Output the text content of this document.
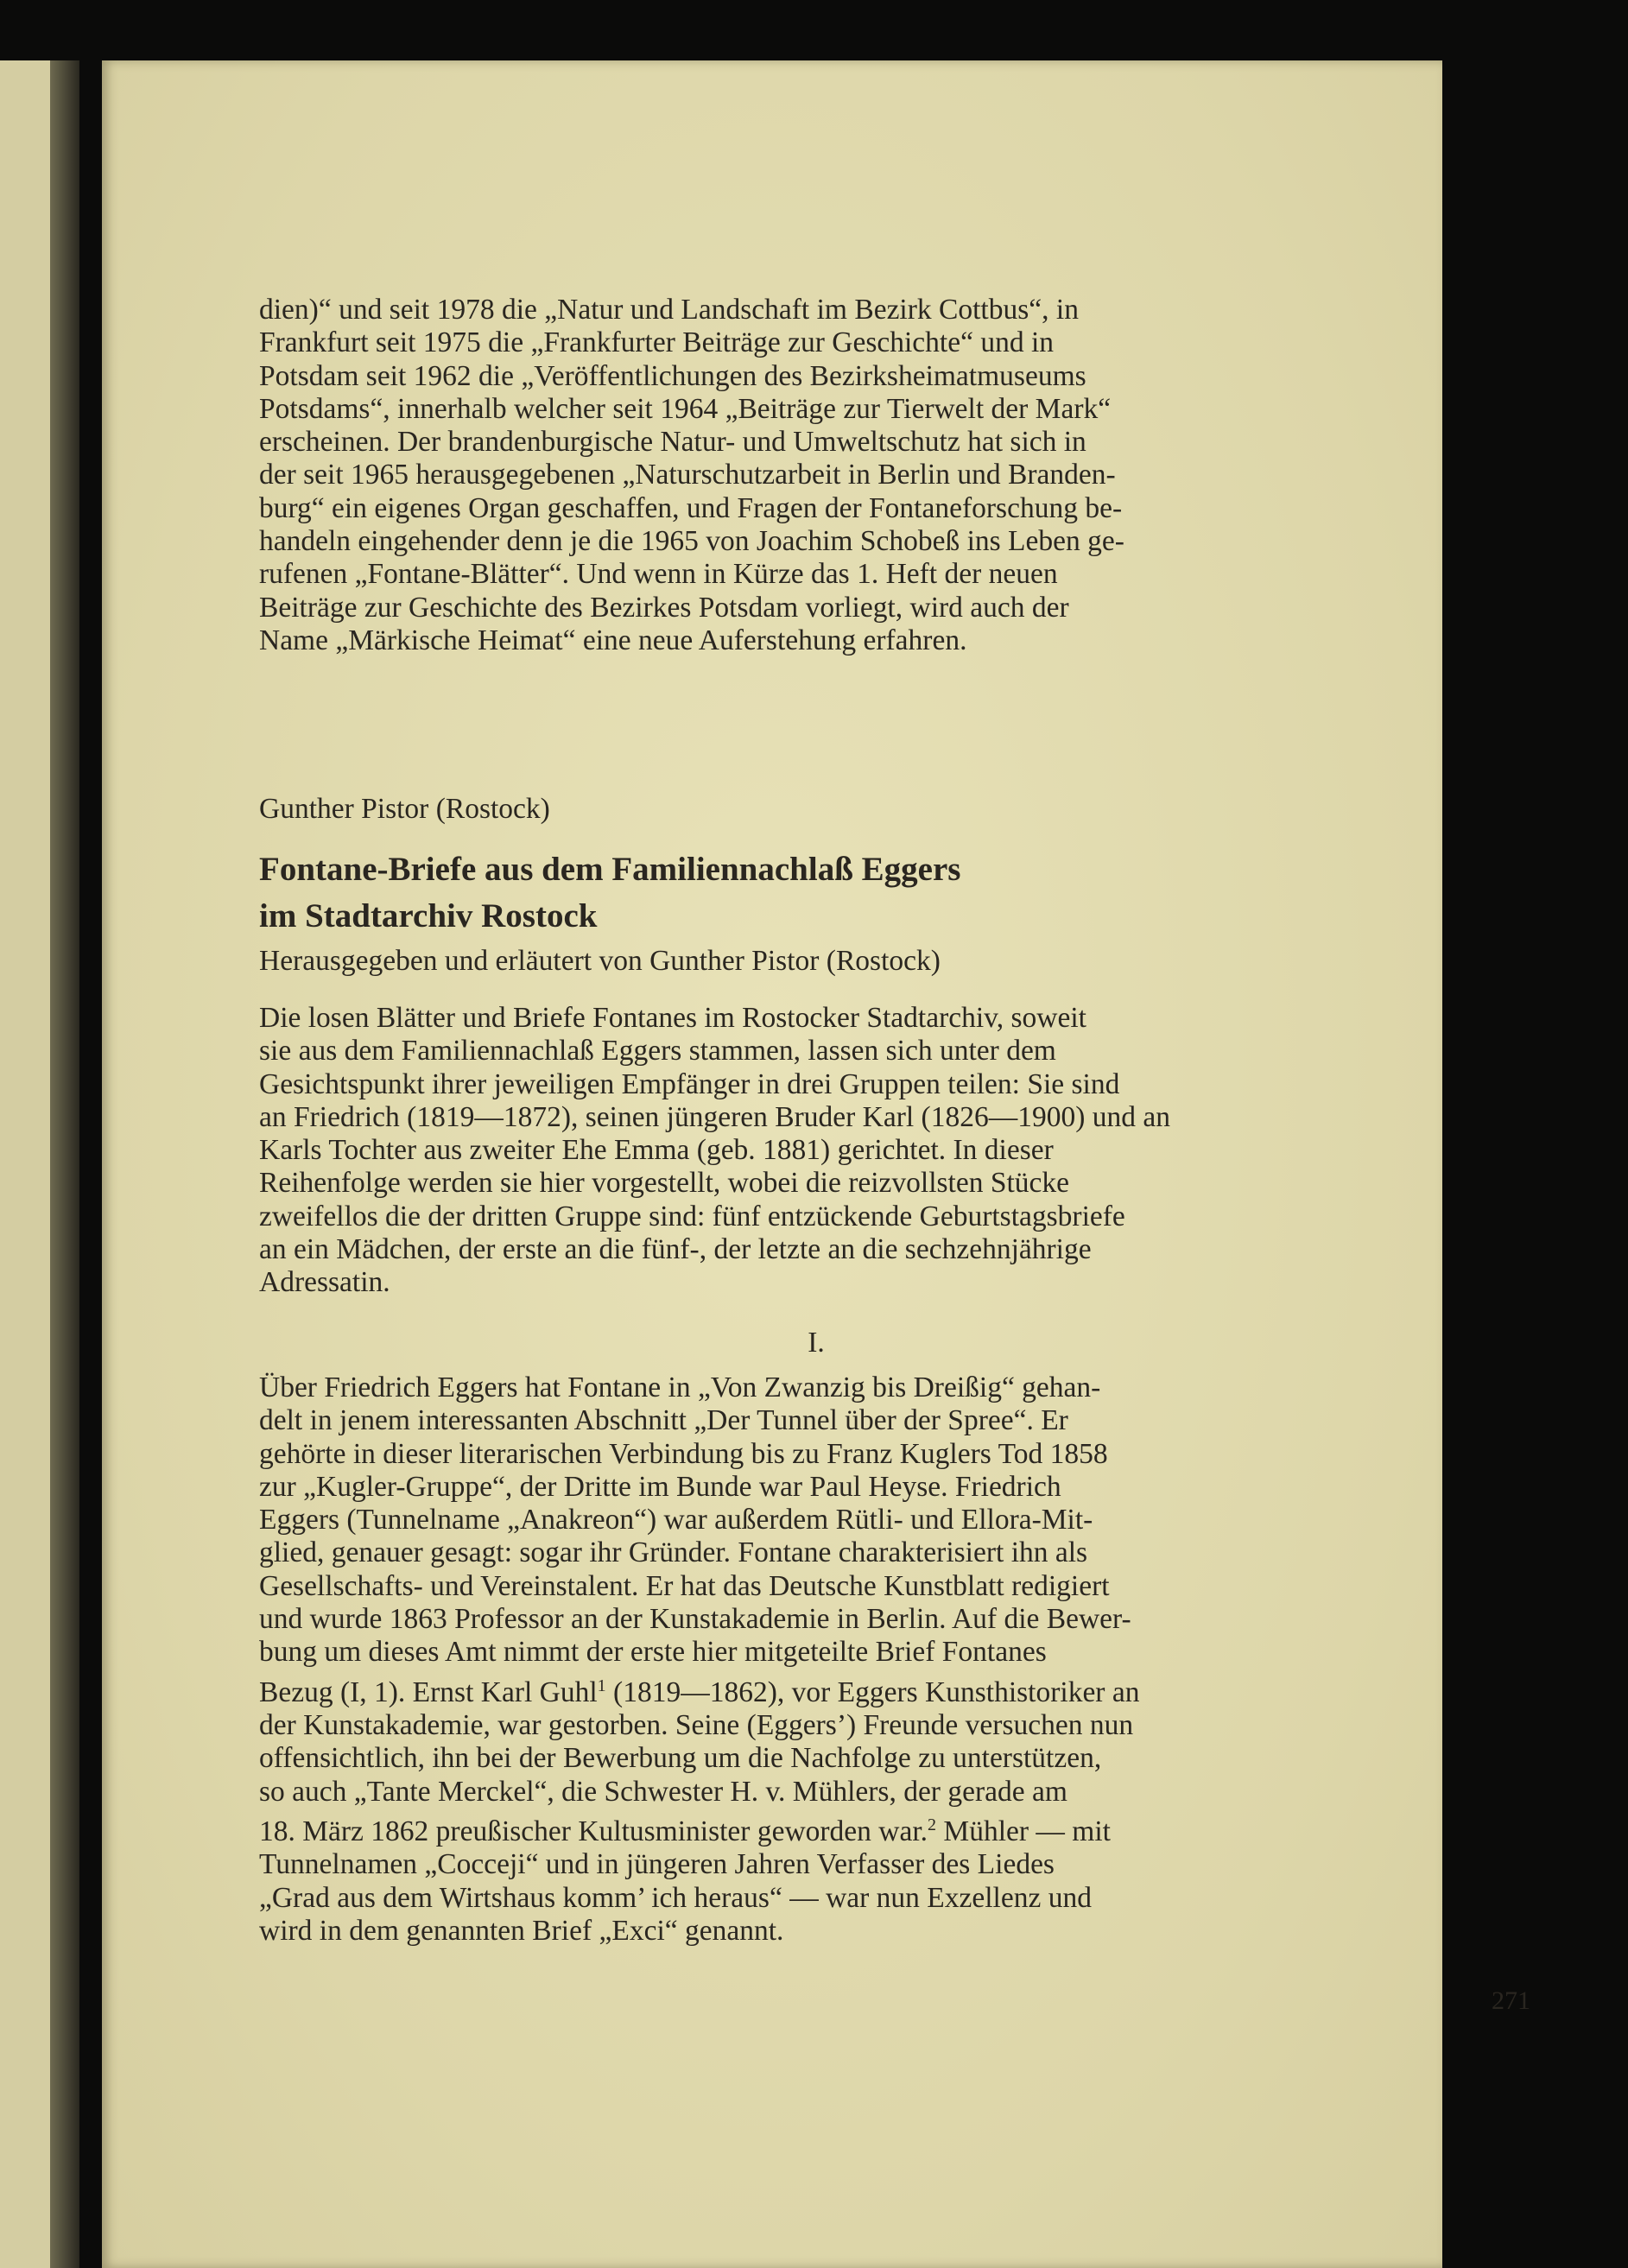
dien)“ und seit 1978 die „Natur und Landschaft im Bezirk Cottbus“, in
Frankfurt seit 1975 die „Frankfurter Beiträge zur Geschichte“ und in
Potsdam seit 1962 die „Veröffentlichungen des Bezirksheimatmuseums
Potsdams“, innerhalb welcher seit 1964 „Beiträge zur Tierwelt der Mark“
erscheinen. Der brandenburgische Natur- und Umweltschutz hat sich in
der seit 1965 herausgegebenen „Naturschutzarbeit in Berlin und Branden-
burg“ ein eigenes Organ geschaffen, und Fragen der Fontaneforschung be-
handeln eingehender denn je die 1965 von Joachim Schobeß ins Leben ge-
rufenen „Fontane-Blätter“. Und wenn in Kürze das 1. Heft der neuen
Beiträge zur Geschichte des Bezirkes Potsdam vorliegt, wird auch der
Name „Märkische Heimat“ eine neue Auferstehung erfahren.
Gunther Pistor (Rostock)
Fontane-Briefe aus dem Familiennachlaß Eggers
im Stadtarchiv Rostock
Herausgegeben und erläutert von Gunther Pistor (Rostock)
Die losen Blätter und Briefe Fontanes im Rostocker Stadtarchiv, soweit
sie aus dem Familiennachlaß Eggers stammen, lassen sich unter dem
Gesichtspunkt ihrer jeweiligen Empfänger in drei Gruppen teilen: Sie sind
an Friedrich (1819—1872), seinen jüngeren Bruder Karl (1826—1900) und an
Karls Tochter aus zweiter Ehe Emma (geb. 1881) gerichtet. In dieser
Reihenfolge werden sie hier vorgestellt, wobei die reizvollsten Stücke
zweifellos die der dritten Gruppe sind: fünf entzückende Geburtstagsbriefe
an ein Mädchen, der erste an die fünf-, der letzte an die sechzehnjährige
Adressatin.
I.
Über Friedrich Eggers hat Fontane in „Von Zwanzig bis Dreißig“ gehan-
delt in jenem interessanten Abschnitt „Der Tunnel über der Spree“. Er
gehörte in dieser literarischen Verbindung bis zu Franz Kuglers Tod 1858
zur „Kugler-Gruppe“, der Dritte im Bunde war Paul Heyse. Friedrich
Eggers (Tunnelname „Anakreon“) war außerdem Rütli- und Ellora-Mit-
glied, genauer gesagt: sogar ihr Gründer. Fontane charakterisiert ihn als
Gesellschafts- und Vereinstalent. Er hat das Deutsche Kunstblatt redigiert
und wurde 1863 Professor an der Kunstakademie in Berlin. Auf die Bewer-
bung um dieses Amt nimmt der erste hier mitgeteilte Brief Fontanes
Bezug (I, 1). Ernst Karl Guhl$^1$ (1819—1862), vor Eggers Kunsthistoriker an
der Kunstakademie, war gestorben. Seine (Eggers’) Freunde versuchen nun
offensichtlich, ihn bei der Bewerbung um die Nachfolge zu unterstützen,
so auch „Tante Merckel“, die Schwester H. v. Mühlers, der gerade am
18. März 1862 preußischer Kultusminister geworden war.$^2$ Mühler — mit
Tunnelnamen „Cocceji“ und in jüngeren Jahren Verfasser des Liedes
„Grad aus dem Wirtshaus komm’ ich heraus“ — war nun Exzellenz und
wird in dem genannten Brief „Exci“ genannt.
271
